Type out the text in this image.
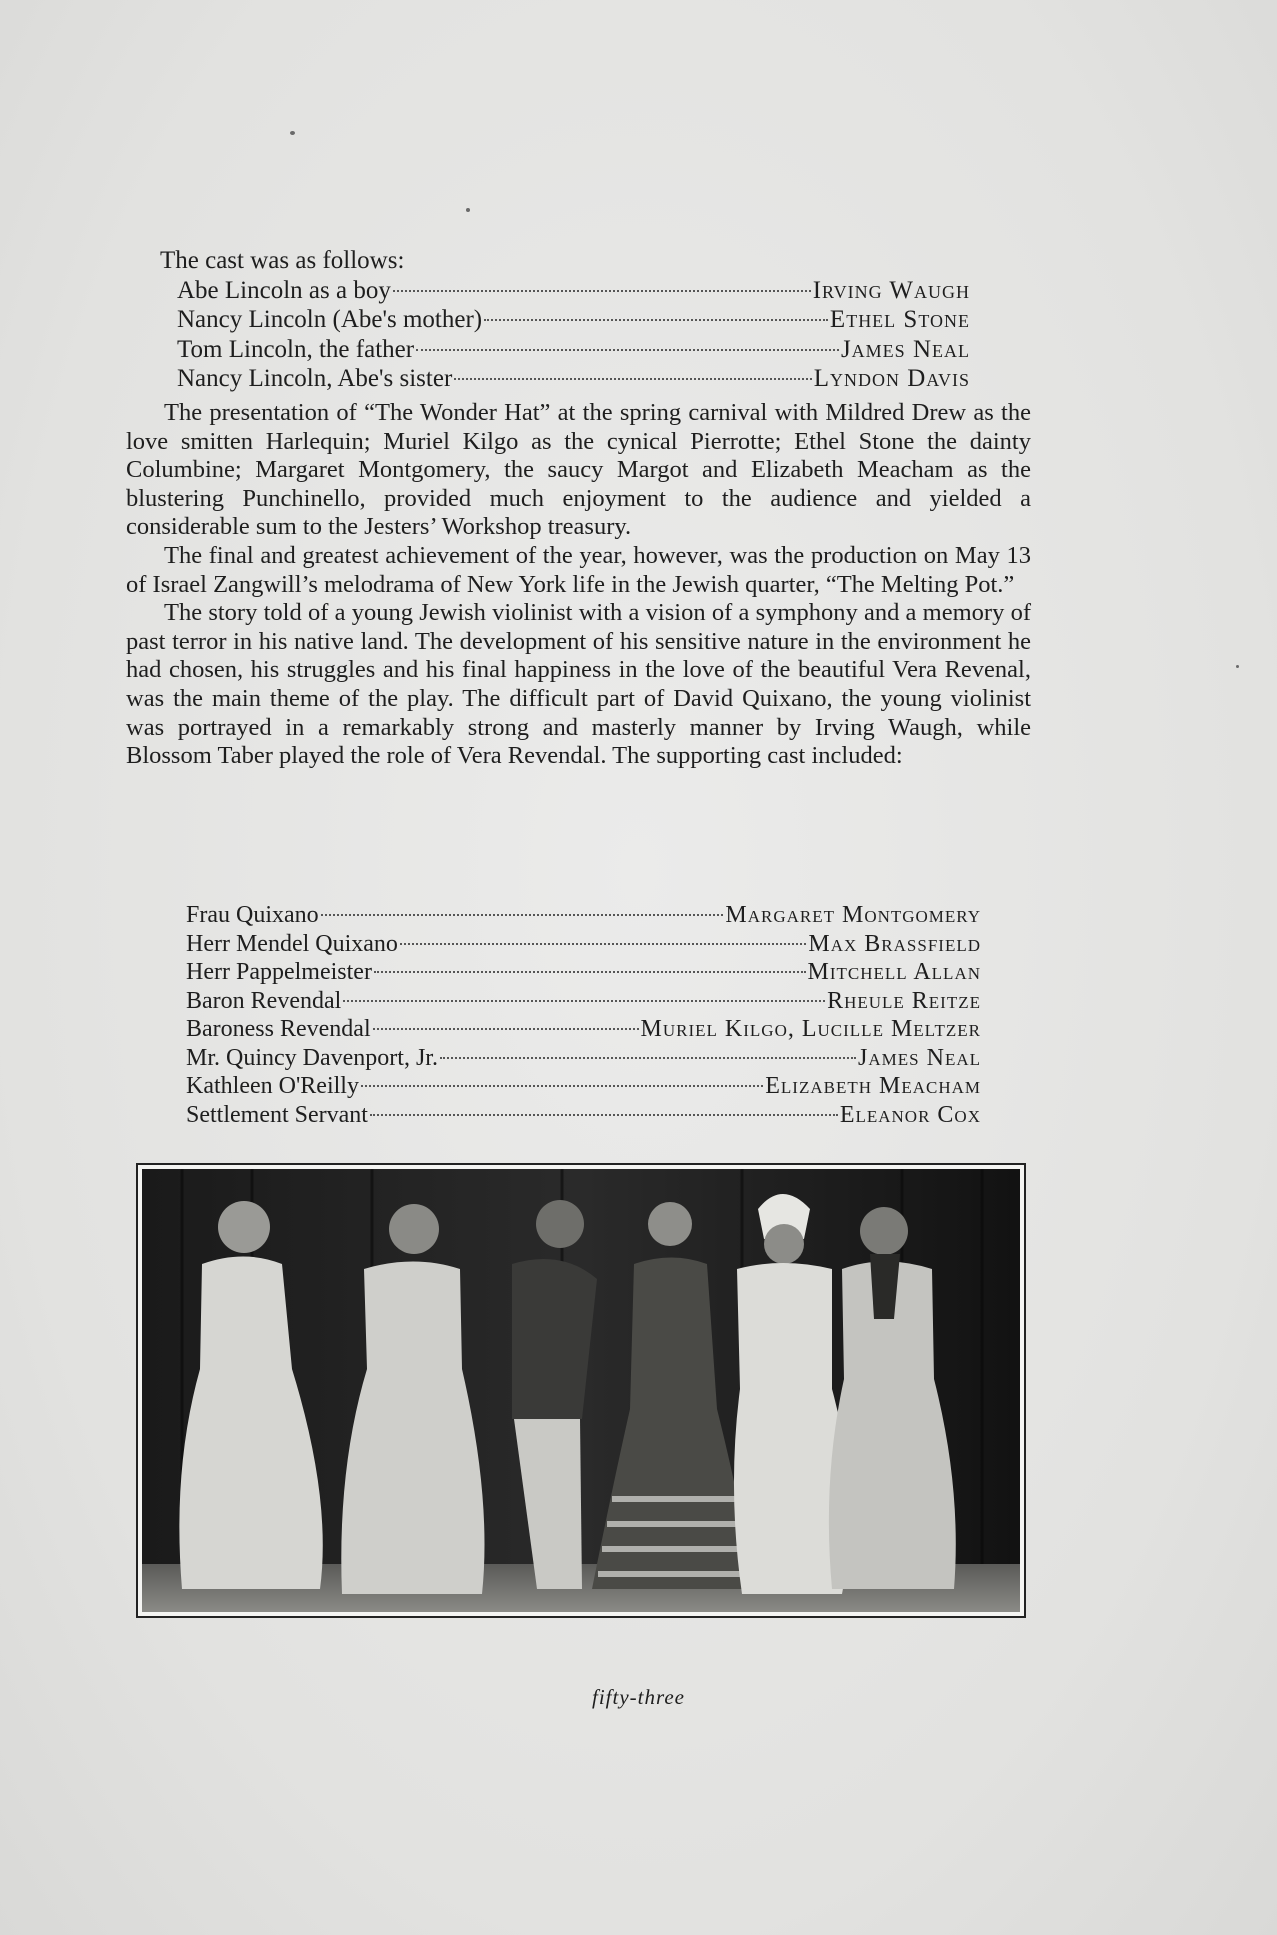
The cast was as follows:

Abe Lincoln as a boy	Irving Waugh
Nancy Lincoln (Abe's mother)	Ethel Stone
Tom Lincoln, the father	James Neal
Nancy Lincoln, Abe's sister	Lyndon Davis

The presentation of “The Wonder Hat” at the spring carnival with Mildred Drew as the love smitten Harlequin; Muriel Kilgo as the cynical Pierrotte; Ethel Stone the dainty Columbine; Margaret Montgomery, the saucy Margot and Elizabeth Meacham as the blustering Punchinello, provided much enjoyment to the audience and yielded a considerable sum to the Jesters’ Workshop treasury.

The final and greatest achievement of the year, however, was the production on May 13 of Israel Zangwill’s melodrama of New York life in the Jewish quarter, “The Melting Pot.”

The story told of a young Jewish violinist with a vision of a symphony and a memory of past terror in his native land. The development of his sensitive nature in the environment he had chosen, his struggles and his final happiness in the love of the beautiful Vera Revenal, was the main theme of the play. The difficult part of David Quixano, the young violinist was portrayed in a remarkably strong and masterly manner by Irving Waugh, while Blossom Taber played the role of Vera Revendal. The supporting cast included:

Frau Quixano	Margaret Montgomery
Herr Mendel Quixano	Max Brassfield
Herr Pappelmeister	Mitchell Allan
Baron Revendal	Rheule Reitze
Baroness Revendal	Muriel Kilgo, Lucille Meltzer
Mr. Quincy Davenport, Jr.	James Neal
Kathleen O'Reilly	Elizabeth Meacham
Settlement Servant	Eleanor Cox
fifty-three
